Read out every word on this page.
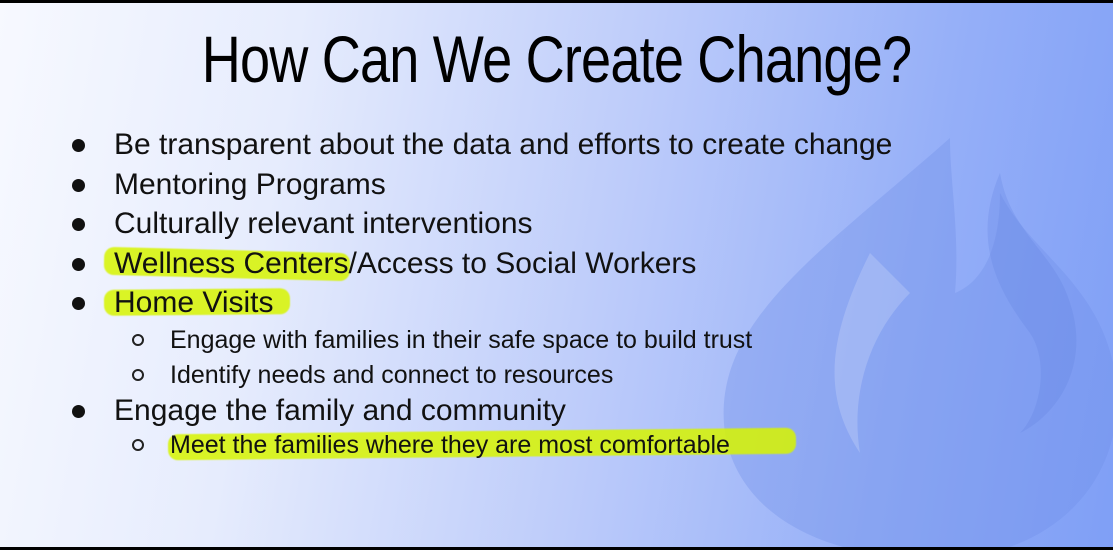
How Can We Create Change?
Be transparent about the data and efforts to create change
Mentoring Programs
Culturally relevant interventions
Wellness Centers/Access to Social Workers
Home Visits
Engage with families in their safe space to build trust
Identify needs and connect to resources
Engage the family and community
Meet the families where they are most comfortable
